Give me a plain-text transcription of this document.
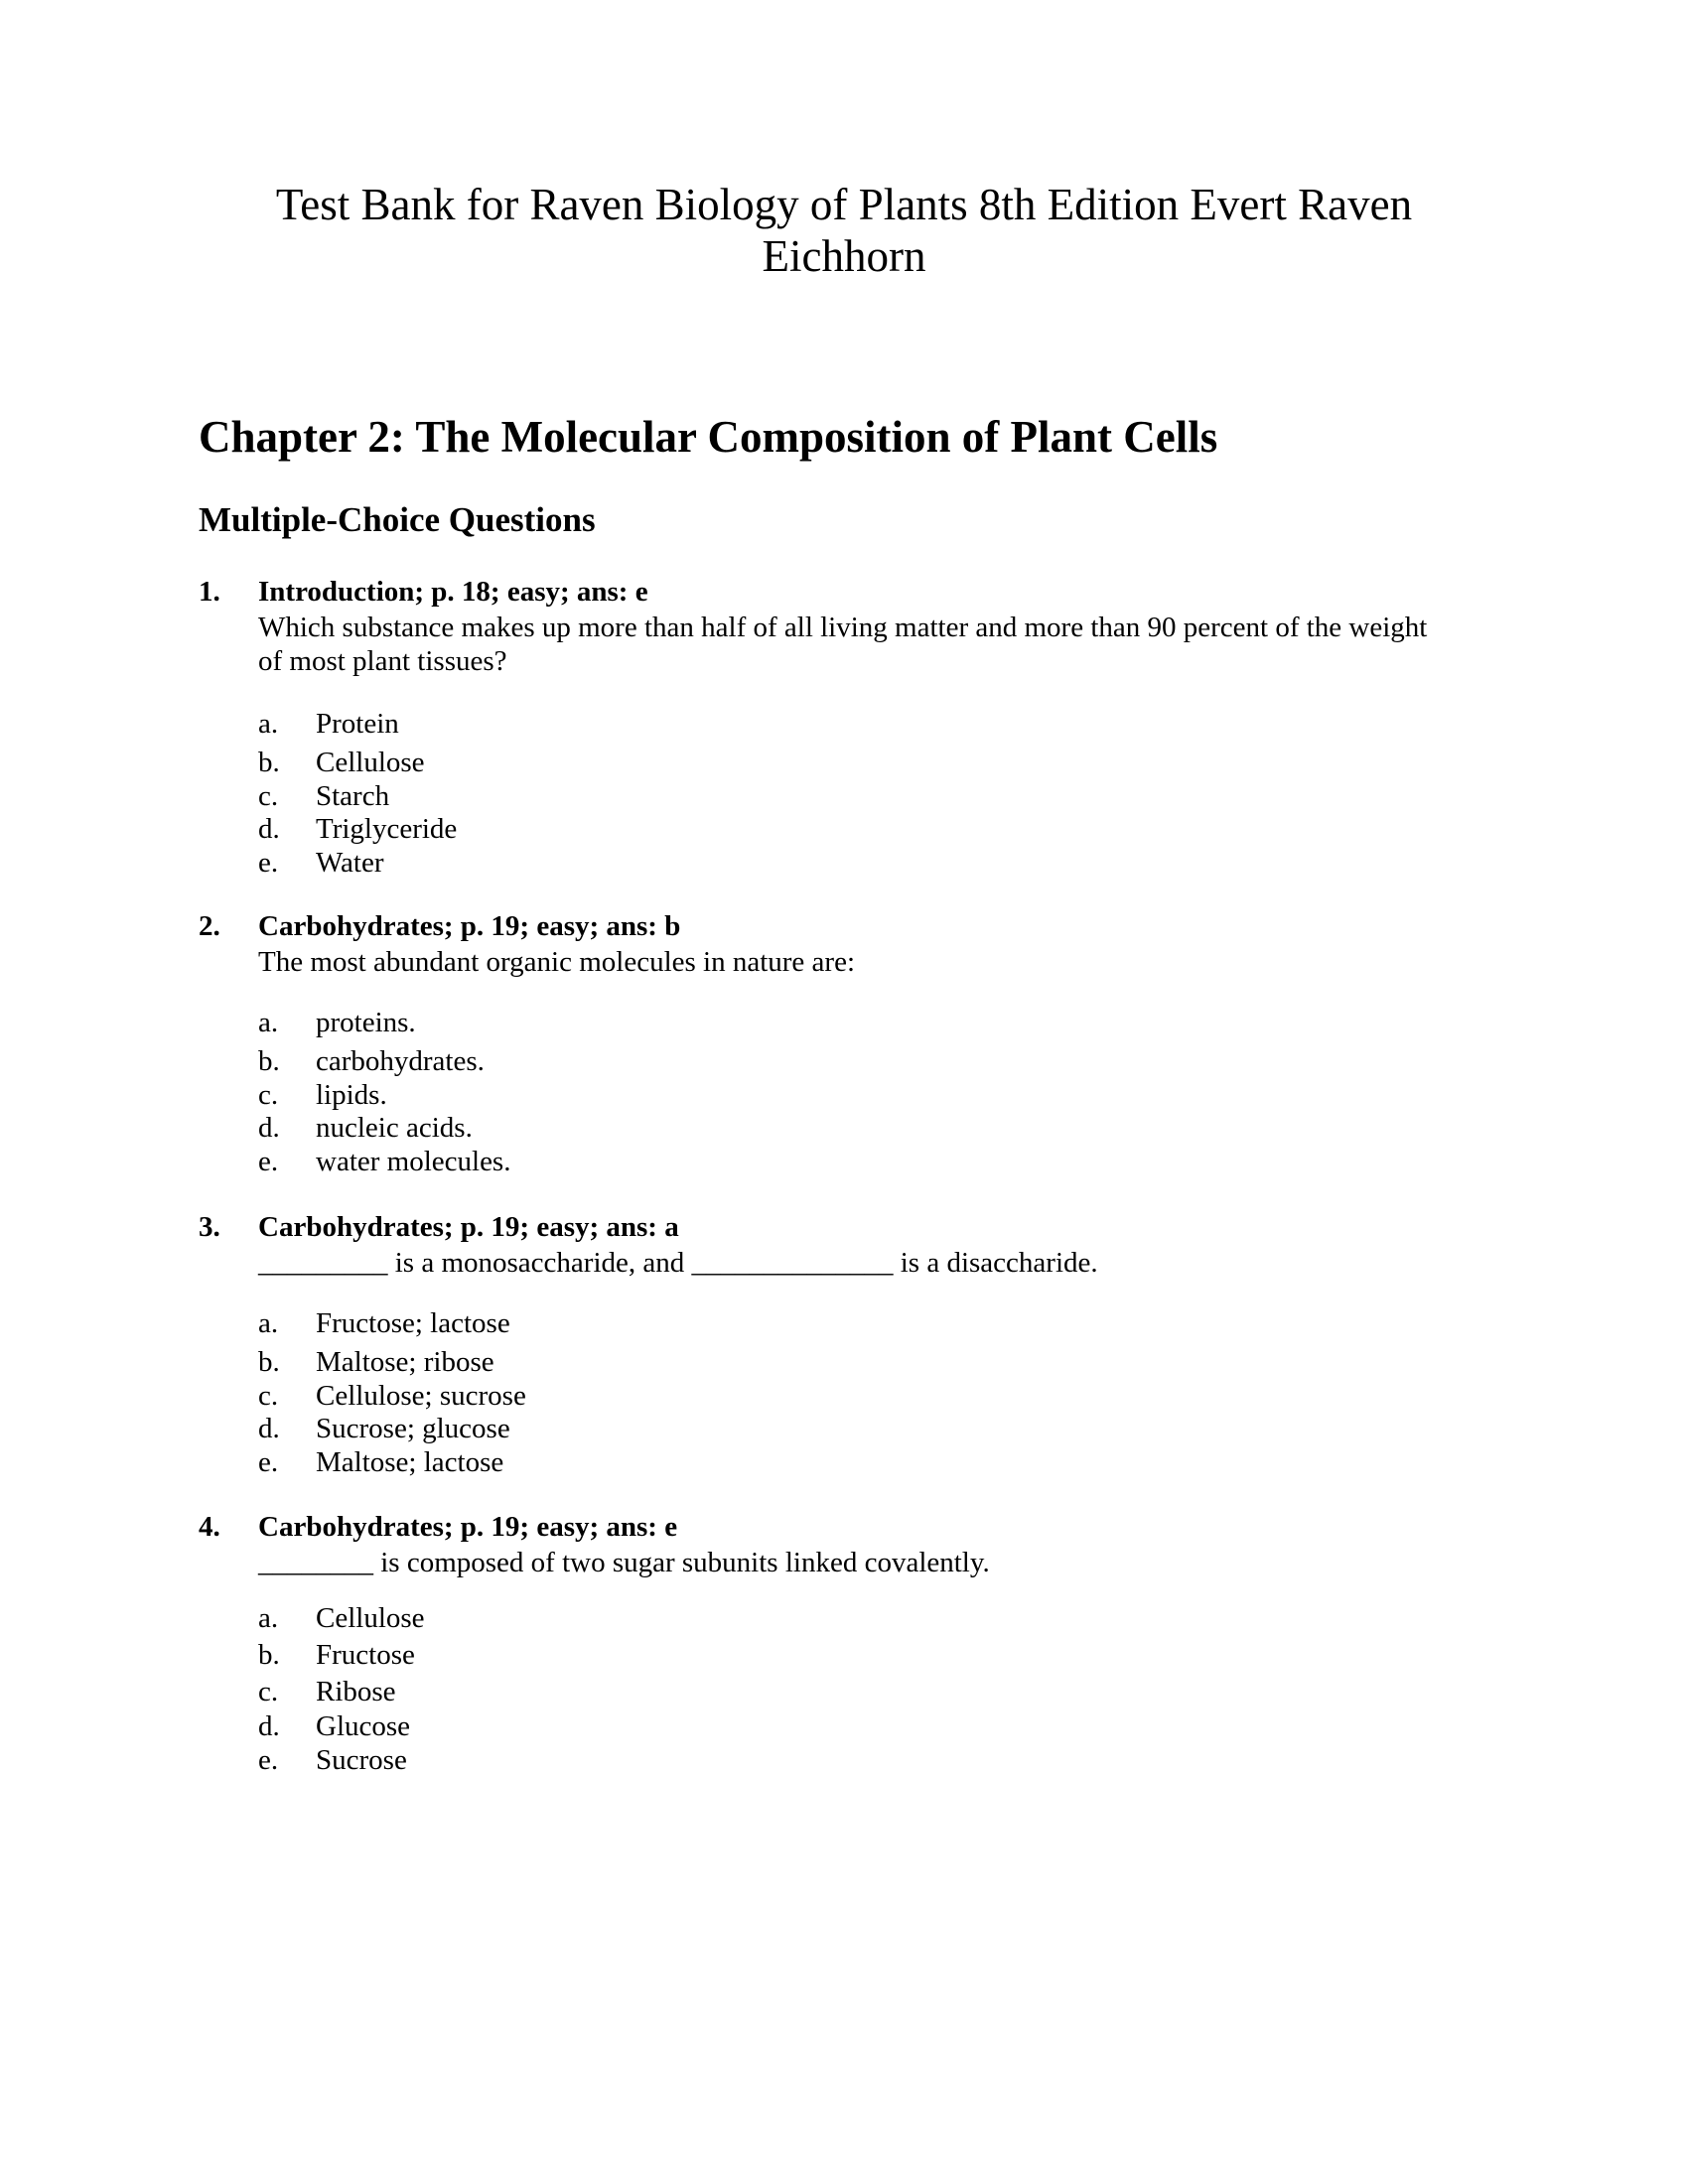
Test Bank for Raven Biology of Plants 8th Edition Evert Raven Eichhorn
Chapter 2: The Molecular Composition of Plant Cells
Multiple-Choice Questions
1. Introduction; p. 18; easy; ans: e
Which substance makes up more than half of all living matter and more than 90 percent of the weight of most plant tissues?
a. Protein
b. Cellulose
c. Starch
d. Triglyceride
e. Water
2. Carbohydrates; p. 19; easy; ans: b
The most abundant organic molecules in nature are:
a. proteins.
b. carbohydrates.
c. lipids.
d. nucleic acids.
e. water molecules.
3. Carbohydrates; p. 19; easy; ans: a
_________ is a monosaccharide, and ______________ is a disaccharide.
a. Fructose; lactose
b. Maltose; ribose
c. Cellulose; sucrose
d. Sucrose; glucose
e. Maltose; lactose
4. Carbohydrates; p. 19; easy; ans: e
________ is composed of two sugar subunits linked covalently.
a. Cellulose
b. Fructose
c. Ribose
d. Glucose
e. Sucrose
